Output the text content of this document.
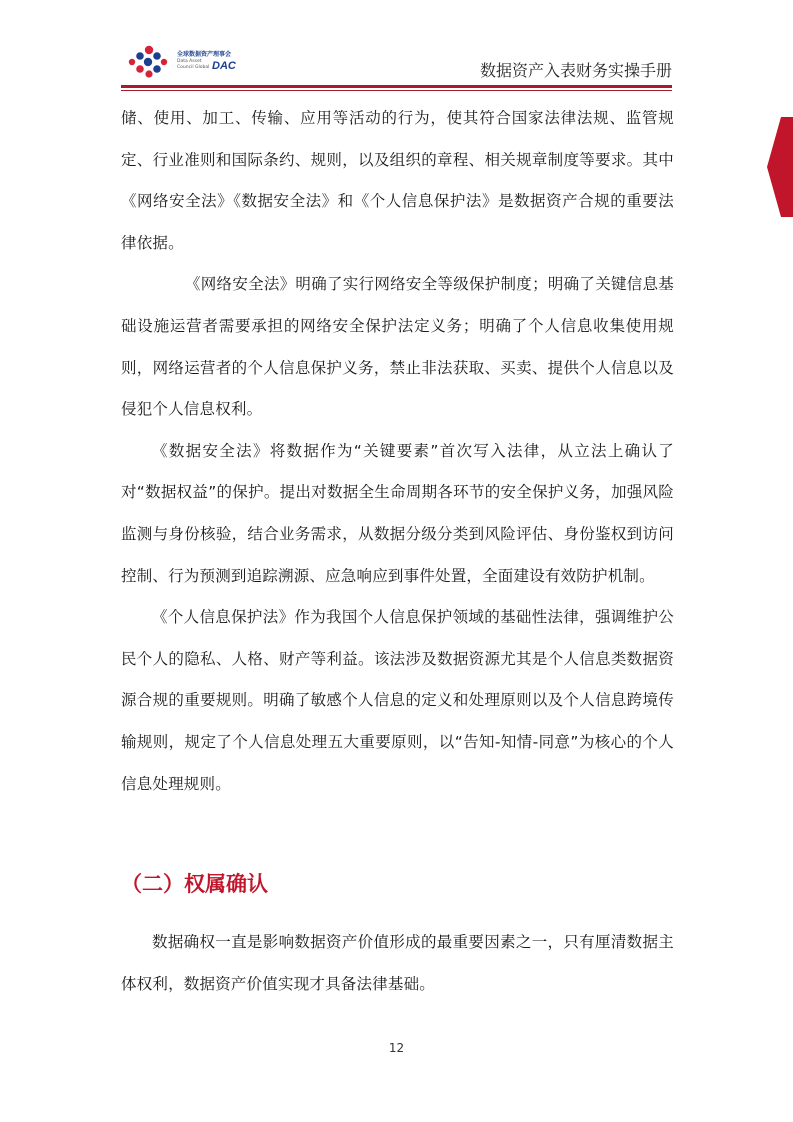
全球数据资产理事会
Data Asset
Council Global DAC	数据资产入表财务实操手册

储、使用、加工、传输、应用等活动的行为，使其符合国家法律法规、监管规定、行业准则和国际条约、规则，以及组织的章程、相关规章制度等要求。其中《网络安全法》《数据安全法》和《个人信息保护法》是数据资产合规的重要法律依据。

《网络安全法》明确了实行网络安全等级保护制度；明确了关键信息基础设施运营者需要承担的网络安全保护法定义务；明确了个人信息收集使用规则，网络运营者的个人信息保护义务，禁止非法获取、买卖、提供个人信息以及侵犯个人信息权利。

《数据安全法》将数据作为“关键要素”首次写入法律，从立法上确认了对“数据权益”的保护。提出对数据全生命周期各环节的安全保护义务，加强风险监测与身份核验，结合业务需求，从数据分级分类到风险评估、身份鉴权到访问控制、行为预测到追踪溯源、应急响应到事件处置，全面建设有效防护机制。

《个人信息保护法》作为我国个人信息保护领域的基础性法律，强调维护公民个人的隐私、人格、财产等利益。该法涉及数据资源尤其是个人信息类数据资源合规的重要规则。明确了敏感个人信息的定义和处理原则以及个人信息跨境传输规则，规定了个人信息处理五大重要原则，以“告知-知情-同意”为核心的个人信息处理规则。

（二）权属确认

数据确权一直是影响数据资产价值形成的最重要因素之一，只有厘清数据主体权利，数据资产价值实现才具备法律基础。

12
